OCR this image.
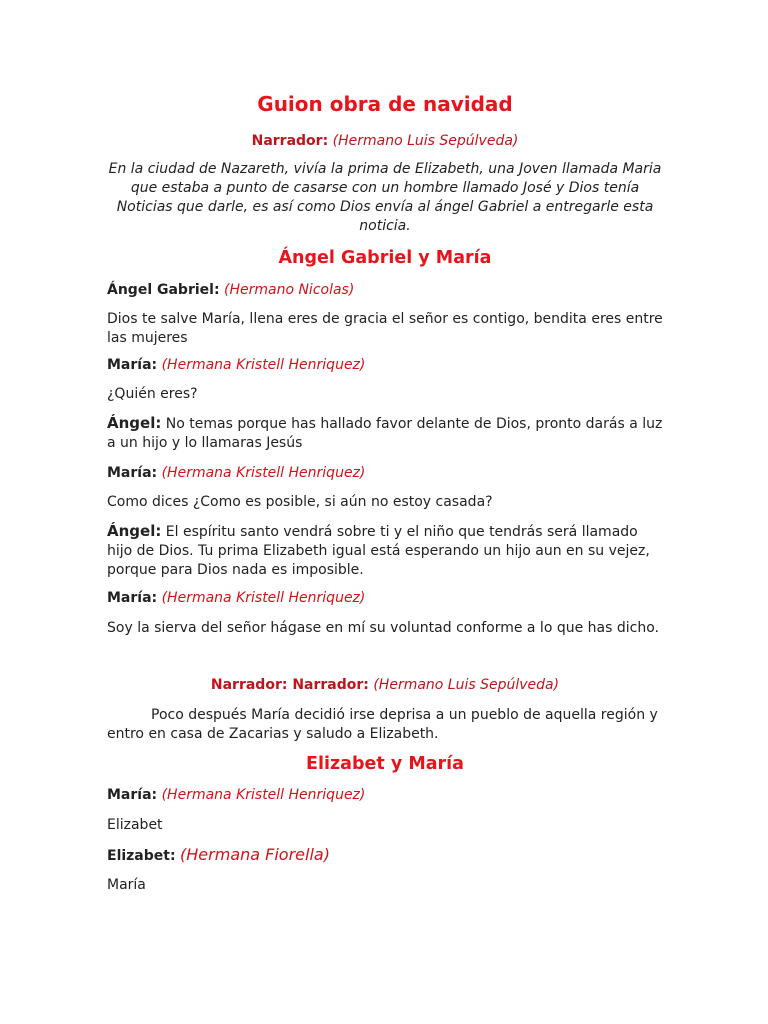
Guion obra de navidad
Narrador: (Hermano Luis Sepúlveda)
En la ciudad de Nazareth, vivía la prima de Elizabeth, una Joven llamada Maria que estaba a punto de casarse con un hombre llamado José y Dios tenía Noticias que darle, es así como Dios envía al ángel Gabriel a entregarle esta noticia.
Ángel Gabriel y María
Ángel Gabriel: (Hermano Nicolas)
Dios te salve María, llena eres de gracia el señor es contigo, bendita eres entre las mujeres
María: (Hermana Kristell Henriquez)
¿Quién eres?
Ángel: No temas porque has hallado favor delante de Dios, pronto darás a luz a un hijo y lo llamaras Jesús
María: (Hermana Kristell Henriquez)
Como dices ¿Como es posible, si aún no estoy casada?
Ángel: El espíritu santo vendrá sobre ti y el niño que tendrás será llamado hijo de Dios. Tu prima Elizabeth igual está esperando un hijo aun en su vejez, porque para Dios nada es imposible.
María: (Hermana Kristell Henriquez)
Soy la sierva del señor hágase en mí su voluntad conforme a lo que has dicho.
Narrador: Narrador: (Hermano Luis Sepúlveda)
Poco después María decidió irse deprisa a un pueblo de aquella región y entro en casa de Zacarias y saludo a Elizabeth.
Elizabet y María
María: (Hermana Kristell Henriquez)
Elizabet
Elizabet: (Hermana Fiorella)
María
